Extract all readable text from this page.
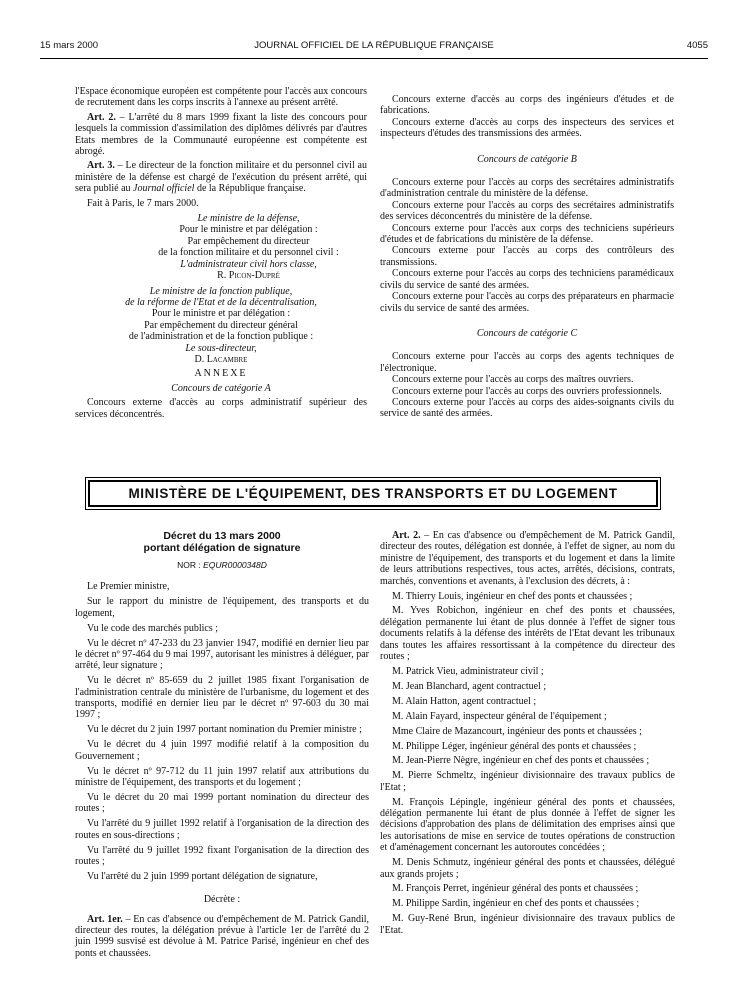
15 mars 2000	JOURNAL OFFICIEL DE LA RÉPUBLIQUE FRANÇAISE	4055

l'Espace économique européen est compétente pour l'accès aux concours de recrutement dans les corps inscrits à l'annexe au présent arrêté.

Art. 2. – L'arrêté du 8 mars 1999 fixant la liste des concours pour lesquels la commission d'assimilation des diplômes délivrés par d'autres Etats membres de la Communauté européenne est compétente est abrogé.

Art. 3. – Le directeur de la fonction militaire et du personnel civil au ministère de la défense est chargé de l'exécution du présent arrêté, qui sera publié au Journal officiel de la République française.

Fait à Paris, le 7 mars 2000.

Le ministre de la défense,

Pour le ministre et par délégation :

Par empêchement du directeur

de la fonction militaire et du personnel civil :

L'administrateur civil hors classe,

R. Picon-Dupré

Le ministre de la fonction publique,

de la réforme de l'Etat et de la décentralisation,

Pour le ministre et par délégation :

Par empêchement du directeur général

de l'administration et de la fonction publique :

Le sous-directeur,

D. Lacambre

ANNEXE

Concours de catégorie A

Concours externe d'accès au corps administratif supérieur des services déconcentrés.

Concours externe d'accès au corps des ingénieurs d'études et de fabrications.

Concours externe d'accès au corps des inspecteurs des services et inspecteurs d'études des transmissions des armées.

Concours de catégorie B

Concours externe pour l'accès au corps des secrétaires administratifs d'administration centrale du ministère de la défense.

Concours externe pour l'accès au corps des secrétaires administratifs des services déconcentrés du ministère de la défense.

Concours externe pour l'accès aux corps des techniciens supérieurs d'études et de fabrications du ministère de la défense.

Concours externe pour l'accès au corps des contrôleurs des transmissions.

Concours externe pour l'accès au corps des techniciens paramédicaux civils du service de santé des armées.

Concours externe pour l'accès au corps des préparateurs en pharmacie civils du service de santé des armées.

Concours de catégorie C

Concours externe pour l'accès au corps des agents techniques de l'électronique.

Concours externe pour l'accès au corps des maîtres ouvriers.

Concours externe pour l'accès au corps des ouvriers professionnels.

Concours externe pour l'accès au corps des aides-soignants civils du service de santé des armées.

MINISTÈRE DE L'ÉQUIPEMENT, DES TRANSPORTS ET DU LOGEMENT

Décret du 13 mars 2000

portant délégation de signature

NOR : EQUR0000348D

Le Premier ministre,

Sur le rapport du ministre de l'équipement, des transports et du logement,

Vu le code des marchés publics ;

Vu le décret nº 47-233 du 23 janvier 1947, modifié en dernier lieu par le décret nº 97-464 du 9 mai 1997, autorisant les ministres à déléguer, par arrêté, leur signature ;

Vu le décret nº 85-659 du 2 juillet 1985 fixant l'organisation de l'administration centrale du ministère de l'urbanisme, du logement et des transports, modifié en dernier lieu par le décret nº 97-603 du 30 mai 1997 ;

Vu le décret du 2 juin 1997 portant nomination du Premier ministre ;

Vu le décret du 4 juin 1997 modifié relatif à la composition du Gouvernement ;

Vu le décret nº 97-712 du 11 juin 1997 relatif aux attributions du ministre de l'équipement, des transports et du logement ;

Vu le décret du 20 mai 1999 portant nomination du directeur des routes ;

Vu l'arrêté du 9 juillet 1992 relatif à l'organisation de la direction des routes en sous-directions ;

Vu l'arrêté du 9 juillet 1992 fixant l'organisation de la direction des routes ;

Vu l'arrêté du 2 juin 1999 portant délégation de signature,

Décrète :

Art. 1er. – En cas d'absence ou d'empêchement de M. Patrick Gandil, directeur des routes, la délégation prévue à l'article 1er de l'arrêté du 2 juin 1999 susvisé est dévolue à M. Patrice Parisé, ingénieur en chef des ponts et chaussées.

Art. 2. – En cas d'absence ou d'empêchement de M. Patrick Gandil, directeur des routes, délégation est donnée, à l'effet de signer, au nom du ministre de l'équipement, des transports et du logement et dans la limite de leurs attributions respectives, tous actes, arrêtés, décisions, contrats, marchés, conventions et avenants, à l'exclusion des décrets, à :

M. Thierry Louis, ingénieur en chef des ponts et chaussées ;

M. Yves Robichon, ingénieur en chef des ponts et chaussées, délégation permanente lui étant de plus donnée à l'effet de signer tous documents relatifs à la défense des intérêts de l'Etat devant les tribunaux dans toutes les affaires ressortissant à la compétence du directeur des routes ;

M. Patrick Vieu, administrateur civil ;

M. Jean Blanchard, agent contractuel ;

M. Alain Hatton, agent contractuel ;

M. Alain Fayard, inspecteur général de l'équipement ;

Mme Claire de Mazancourt, ingénieur des ponts et chaussées ;

M. Philippe Léger, ingénieur général des ponts et chaussées ;

M. Jean-Pierre Nègre, ingénieur en chef des ponts et chaussées ;

M. Pierre Schmeltz, ingénieur divisionnaire des travaux publics de l'Etat ;

M. François Lépingle, ingénieur général des ponts et chaussées, délégation permanente lui étant de plus donnée à l'effet de signer les décisions d'approbation des plans de délimitation des emprises ainsi que les autorisations de mise en service de toutes opérations de construction et d'aménagement concernant les autoroutes concédées ;

M. Denis Schmutz, ingénieur général des ponts et chaussées, délégué aux grands projets ;

M. François Perret, ingénieur général des ponts et chaussées ;

M. Philippe Sardin, ingénieur en chef des ponts et chaussées ;

M. Guy-René Brun, ingénieur divisionnaire des travaux publics de l'Etat.
